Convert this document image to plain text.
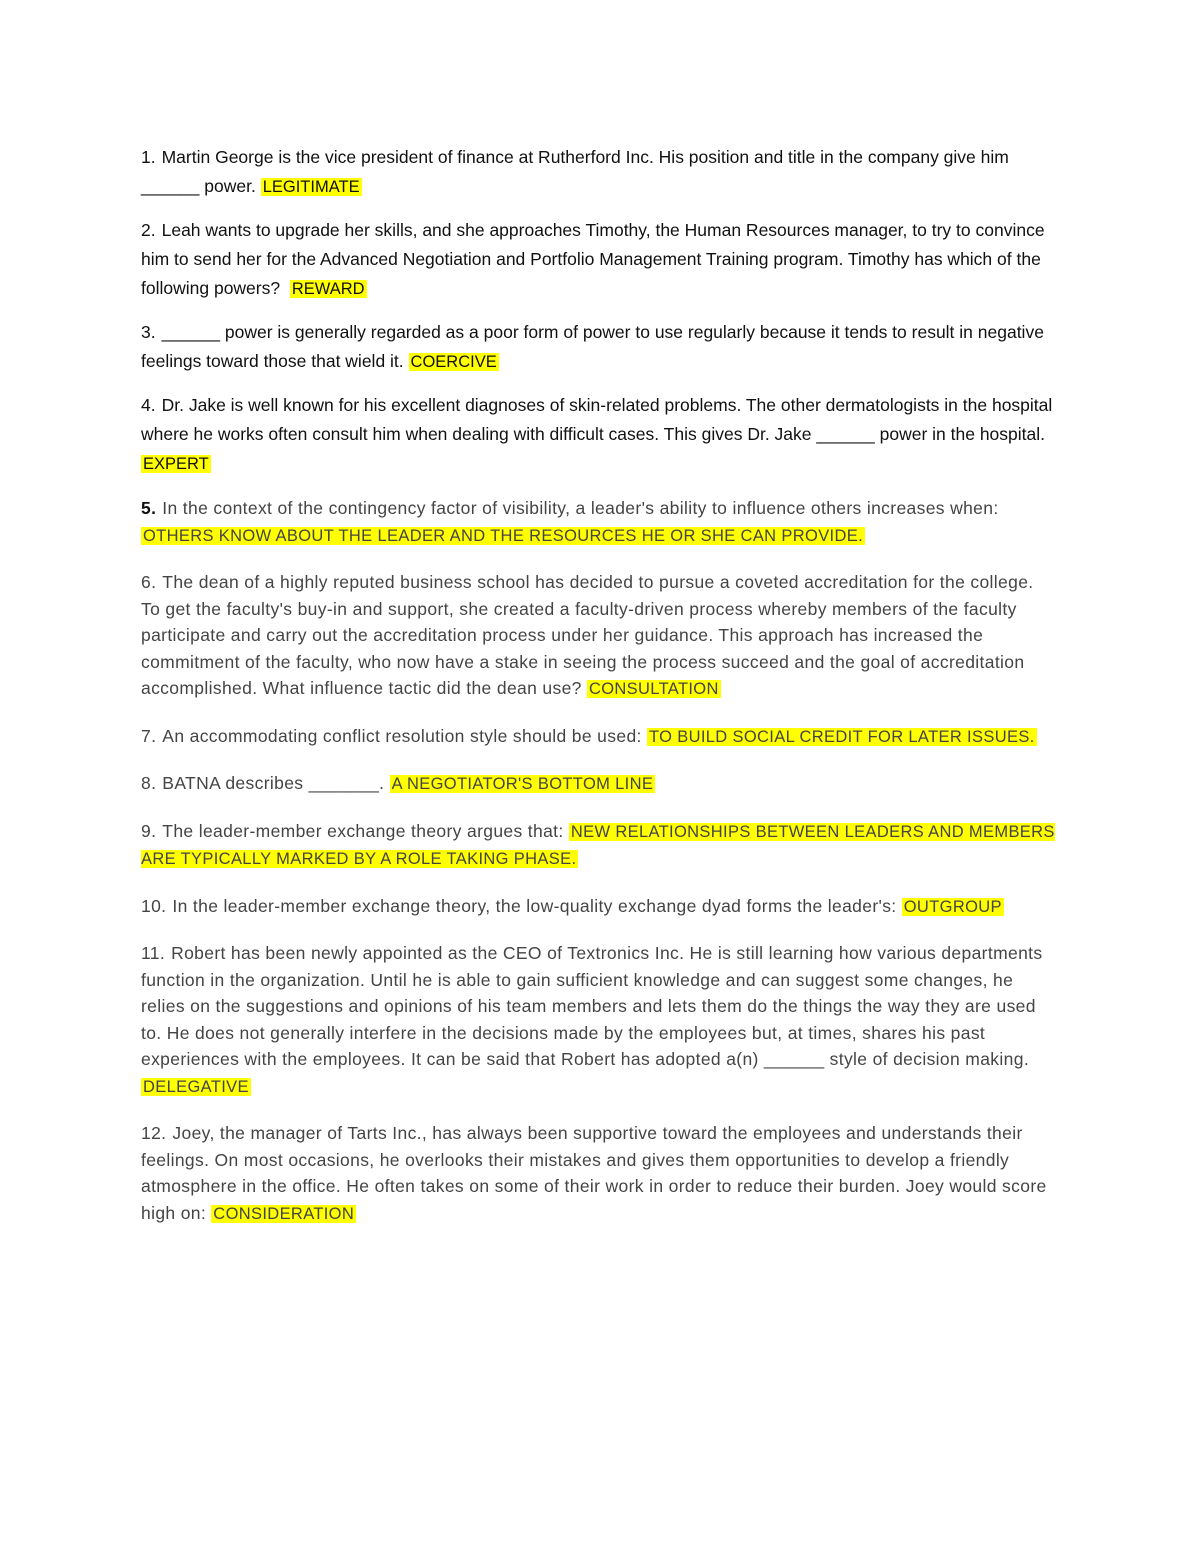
1. Martin George is the vice president of finance at Rutherford Inc. His position and title in the company give him ______ power. LEGITIMATE

2. Leah wants to upgrade her skills, and she approaches Timothy, the Human Resources manager, to try to convince him to send her for the Advanced Negotiation and Portfolio Management Training program. Timothy has which of the following powers? REWARD

3. ______ power is generally regarded as a poor form of power to use regularly because it tends to result in negative feelings toward those that wield it. COERCIVE

4. Dr. Jake is well known for his excellent diagnoses of skin-related problems. The other dermatologists in the hospital where he works often consult him when dealing with difficult cases. This gives Dr. Jake ______ power in the hospital. EXPERT

5. In the context of the contingency factor of visibility, a leader's ability to influence others increases when: OTHERS KNOW ABOUT THE LEADER AND THE RESOURCES HE OR SHE CAN PROVIDE.

6. The dean of a highly reputed business school has decided to pursue a coveted accreditation for the college. To get the faculty's buy-in and support, she created a faculty-driven process whereby members of the faculty participate and carry out the accreditation process under her guidance. This approach has increased the commitment of the faculty, who now have a stake in seeing the process succeed and the goal of accreditation accomplished. What influence tactic did the dean use? CONSULTATION

7. An accommodating conflict resolution style should be used: TO BUILD SOCIAL CREDIT FOR LATER ISSUES.

8. BATNA describes _______. A NEGOTIATOR'S BOTTOM LINE

9. The leader-member exchange theory argues that: NEW RELATIONSHIPS BETWEEN LEADERS AND MEMBERS ARE TYPICALLY MARKED BY A ROLE TAKING PHASE.

10. In the leader-member exchange theory, the low-quality exchange dyad forms the leader's: OUTGROUP

11. Robert has been newly appointed as the CEO of Textronics Inc. He is still learning how various departments function in the organization. Until he is able to gain sufficient knowledge and can suggest some changes, he relies on the suggestions and opinions of his team members and lets them do the things the way they are used to. He does not generally interfere in the decisions made by the employees but, at times, shares his past experiences with the employees. It can be said that Robert has adopted a(n) ______ style of decision making. DELEGATIVE

12. Joey, the manager of Tarts Inc., has always been supportive toward the employees and understands their feelings. On most occasions, he overlooks their mistakes and gives them opportunities to develop a friendly atmosphere in the office. He often takes on some of their work in order to reduce their burden. Joey would score high on: CONSIDERATION
